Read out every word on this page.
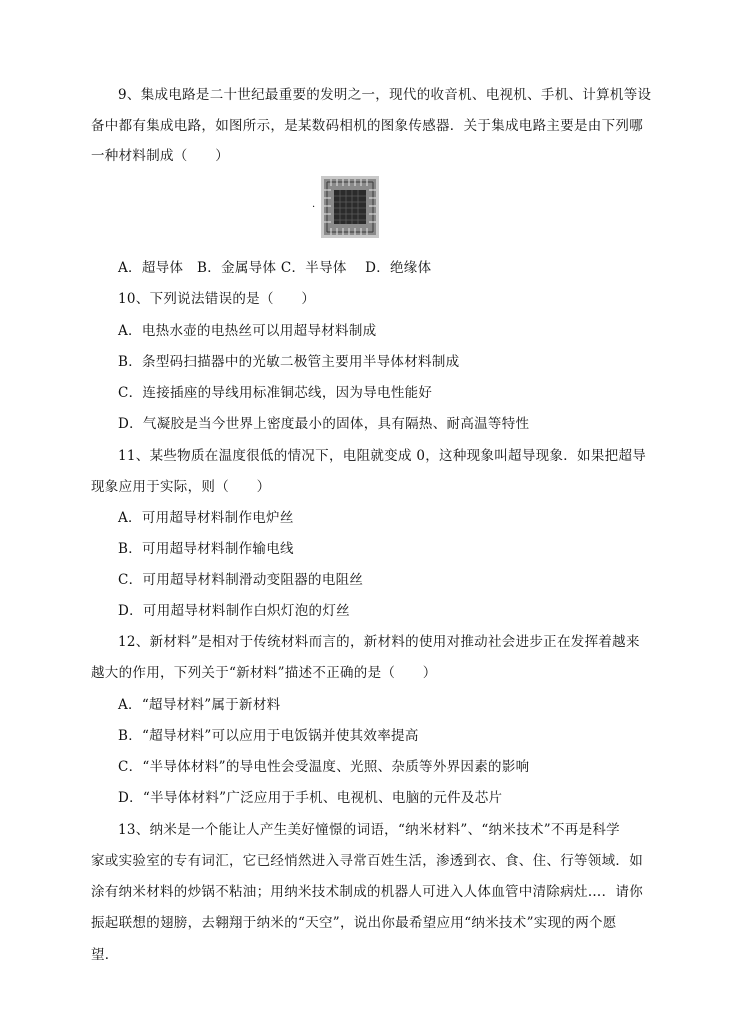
9、集成电路是二十世纪最重要的发明之一，现代的收音机、电视机、手机、计算机等设
备中都有集成电路，如图所示，是某数码相机的图象传感器．关于集成电路主要是由下列哪
一种材料制成（　　）
·
A．超导体　B．金属导体 C．半导体　 D．绝缘体
10、下列说法错误的是（　　）
A．电热水壶的电热丝可以用超导材料制成
B．条型码扫描器中的光敏二极管主要用半导体材料制成
C．连接插座的导线用标准铜芯线，因为导电性能好
D．气凝胶是当今世界上密度最小的固体，具有隔热、耐高温等特性
11、某些物质在温度很低的情况下，电阻就变成 0，这种现象叫超导现象．如果把超导
现象应用于实际，则（　　）
A．可用超导材料制作电炉丝
B．可用超导材料制作输电线
C．可用超导材料制滑动变阻器的电阻丝
D．可用超导材料制作白炽灯泡的灯丝
12、新材料”是相对于传统材料而言的，新材料的使用对推动社会进步正在发挥着越来
越大的作用，下列关于“新材料”描述不正确的是（　　）
A．“超导材料”属于新材料
B．“超导材料”可以应用于电饭锅并使其效率提高
C．“半导体材料”的导电性会受温度、光照、杂质等外界因素的影响
D．“半导体材料”广泛应用于手机、电视机、电脑的元件及芯片
13、纳米是一个能让人产生美好憧憬的词语，“纳米材料”、“纳米技术”不再是科学
家或实验室的专有词汇，它已经悄然进入寻常百姓生活，渗透到衣、食、住、行等领域．如
涂有纳米材料的炒锅不粘油；用纳米技术制成的机器人可进入人体血管中清除病灶…．请你
振起联想的翅膀，去翱翔于纳米的“天空”，说出你最希望应用“纳米技术”实现的两个愿
望．
